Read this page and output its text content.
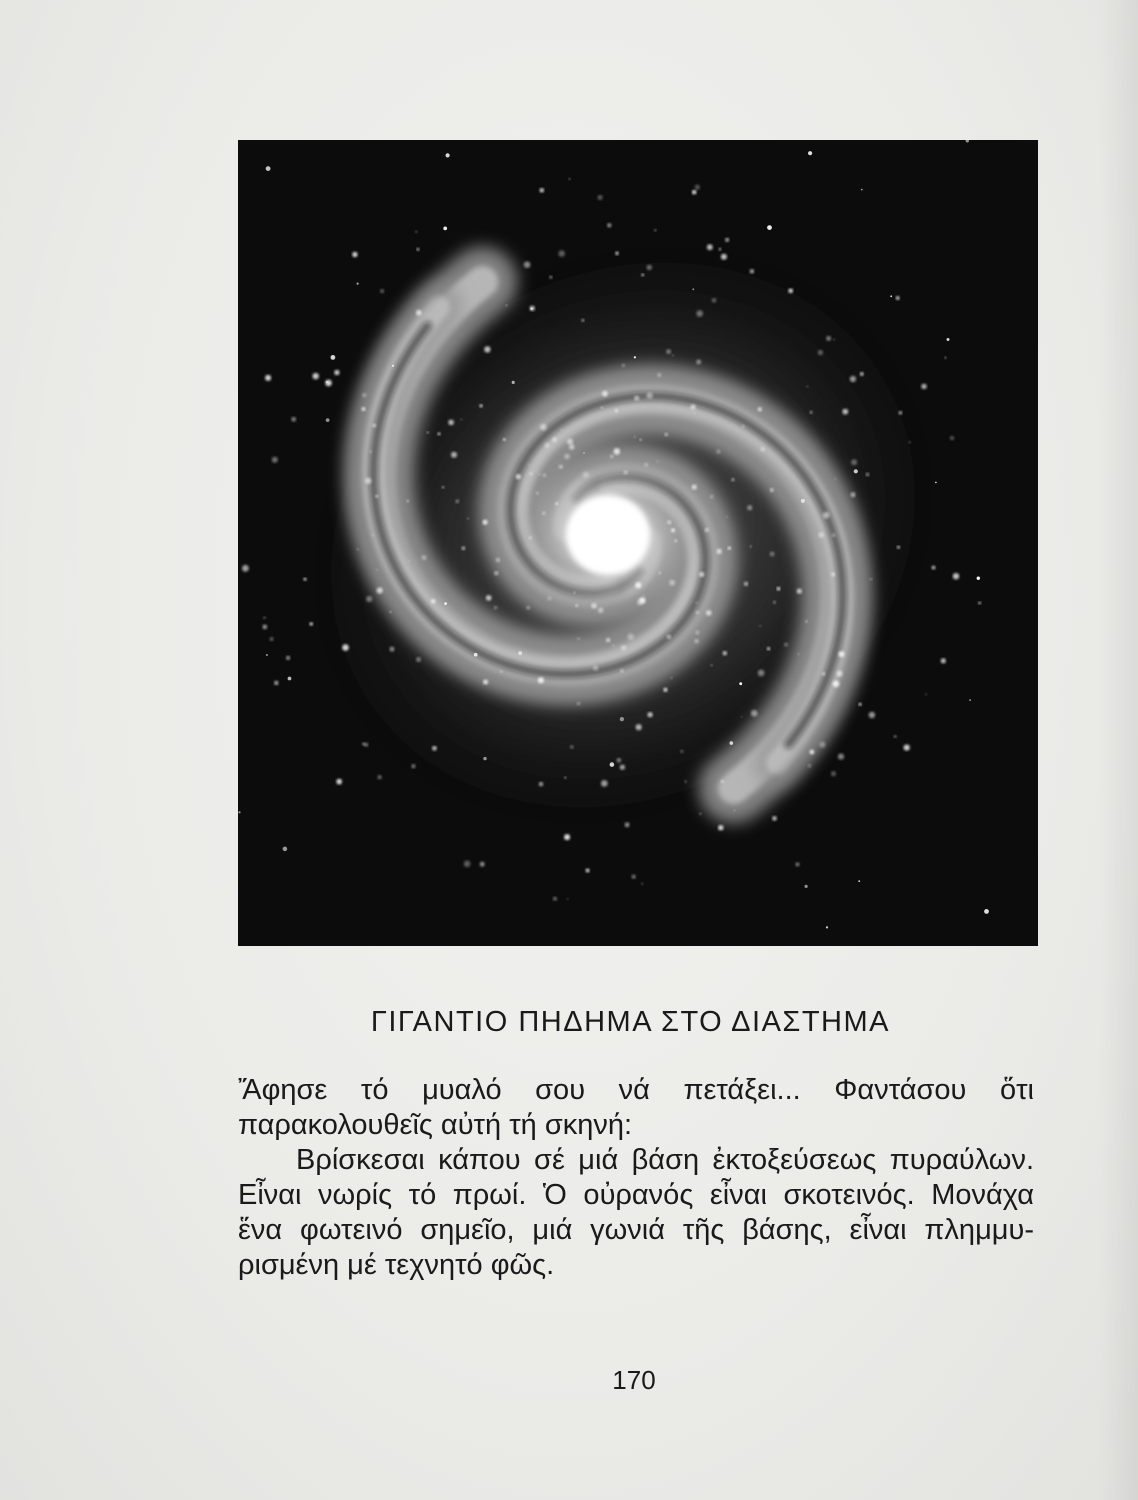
ΓΙΓΑΝΤΙΟ ΠΗΔΗΜΑ ΣΤΟ ΔΙΑΣΤΗΜΑ

Ἄφησε τό μυαλό σου νά πετάξει... Φαντάσου ὅτι
παρακολουθεῖς αὐτή τή σκηνή:

Βρίσκεσαι κάπου σέ μιά βάση ἐκτοξεύσεως πυραύλων.
Εἶναι νωρίς τό πρωί. Ὁ οὐρανός εἶναι σκοτεινός. Μονάχα
ἕνα φωτεινό σημεῖο, μιά γωνιά τῆς βάσης, εἶναι πλημμυ-
ρισμένη μέ τεχνητό φῶς.

170
